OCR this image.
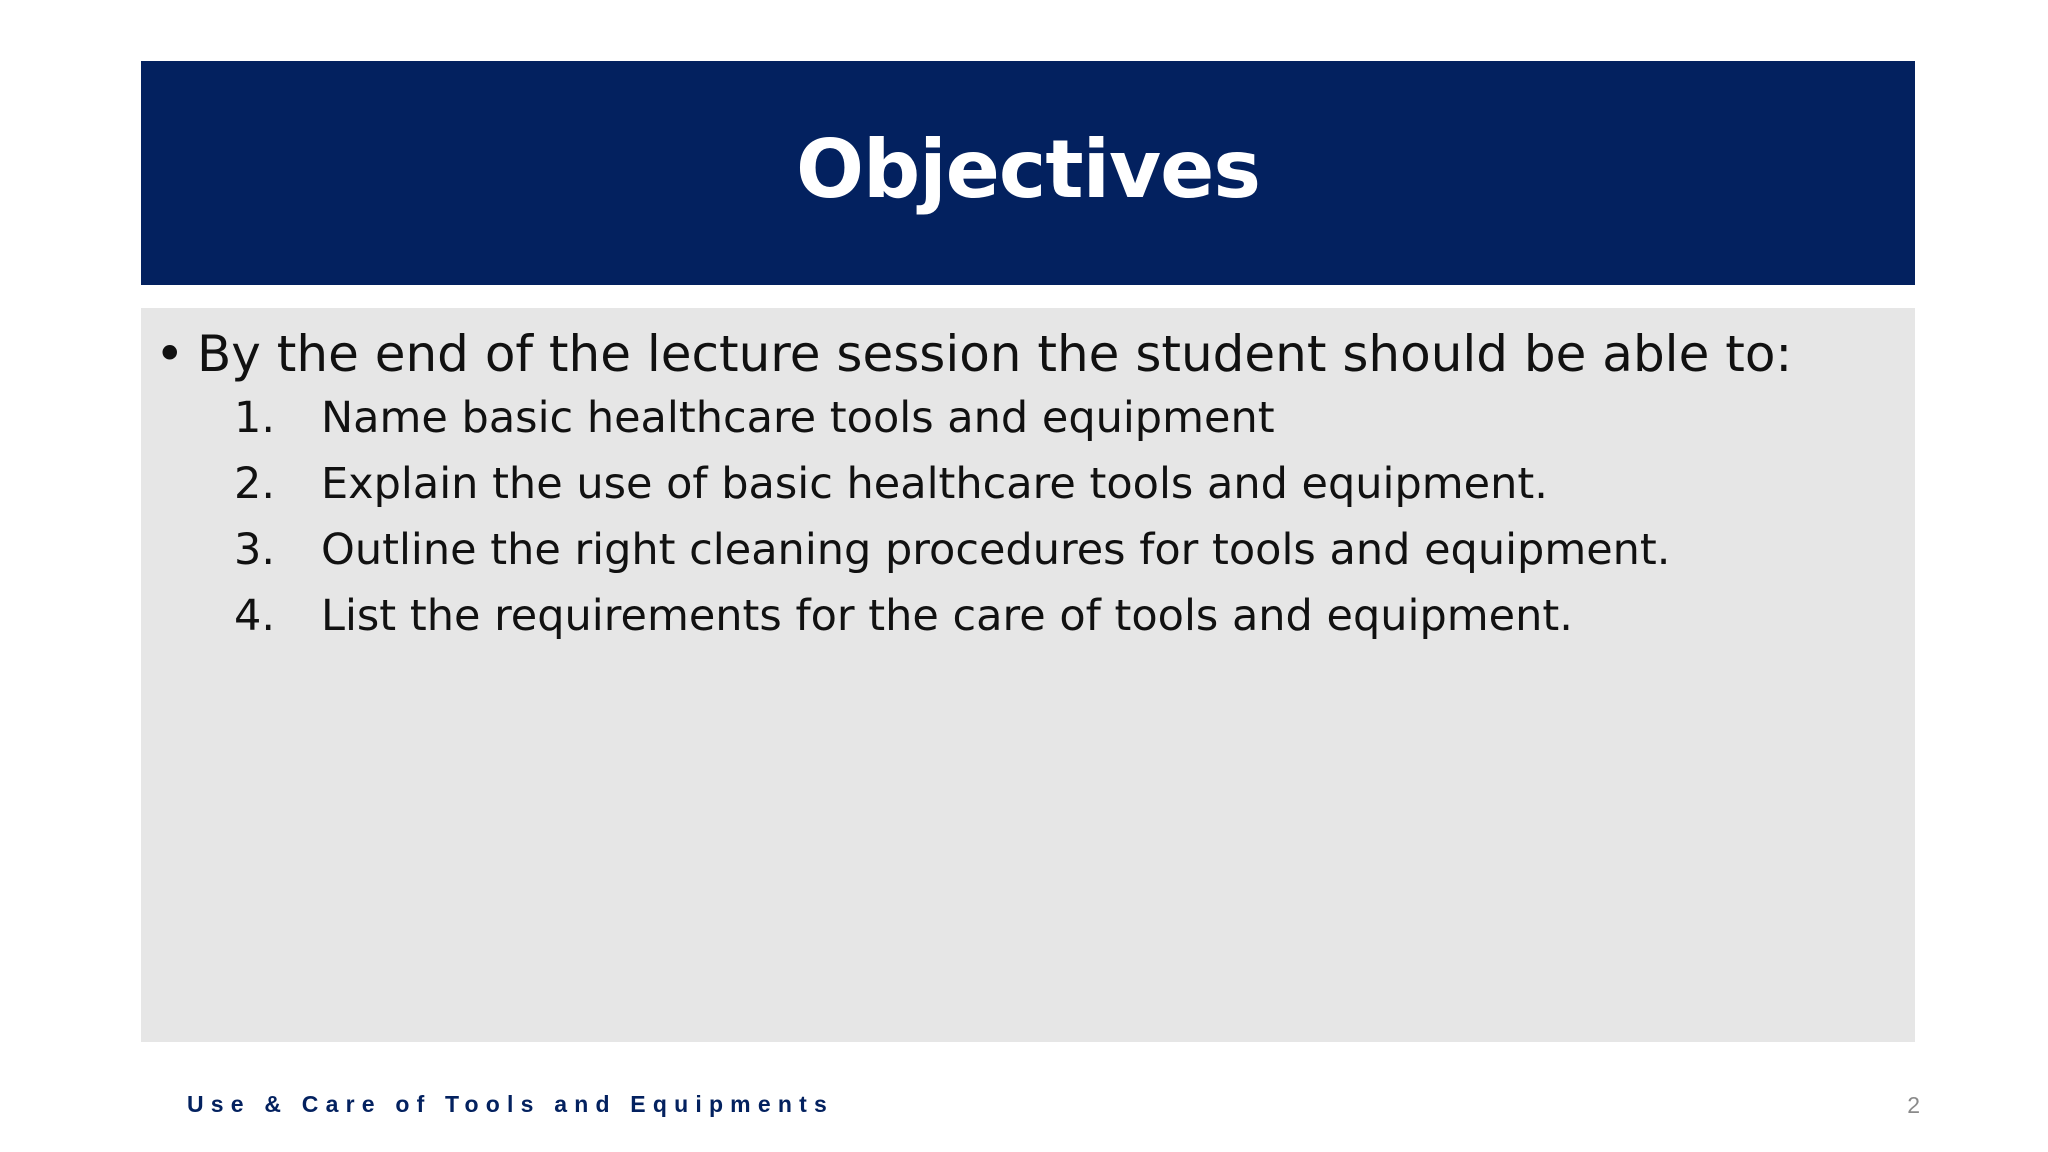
Objectives
• By the end of the lecture session the student should be able to:
1. Name basic healthcare tools and equipment
2. Explain the use of basic healthcare tools and equipment.
3. Outline the right cleaning procedures for tools and equipment.
4. List the requirements for the care of tools and equipment.
Use & Care of Tools and Equipments	2
